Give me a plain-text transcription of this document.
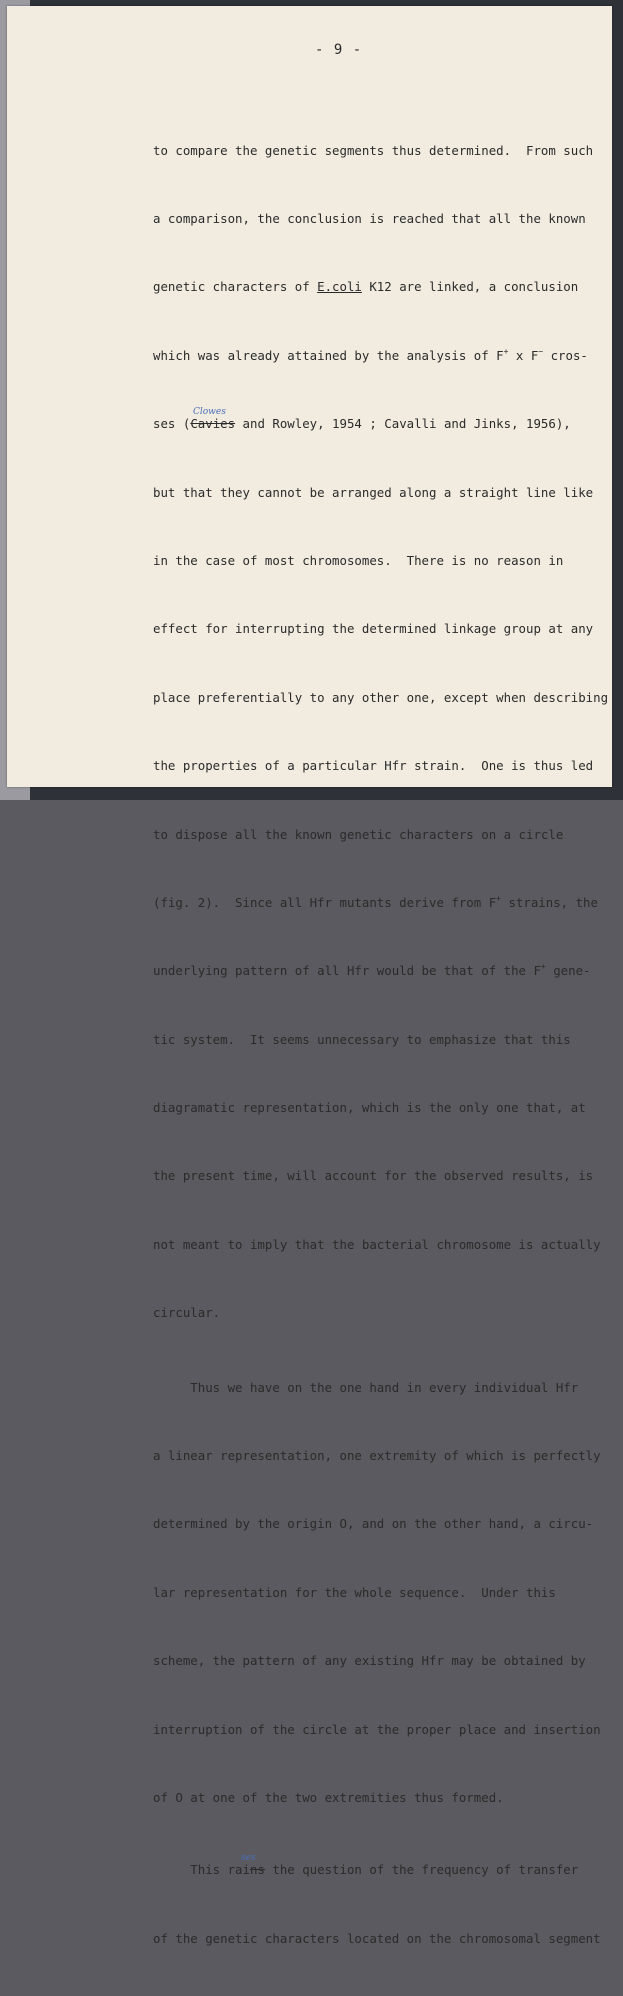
- 9 -

to compare the genetic segments thus determined.  From such

a comparison, the conclusion is reached that all the known

genetic characters of E.coli K12 are linked, a conclusion

which was already attained by the analysis of F+ x F− cros-

ses (Cavies and Rowley, 1954 ; Cavalli and Jinks, 1956),
Clowes

but that they cannot be arranged along a straight line like

in the case of most chromosomes.  There is no reason in

effect for interrupting the determined linkage group at any

place preferentially to any other one, except when describing

the properties of a particular Hfr strain.  One is thus led

to dispose all the known genetic characters on a circle

(fig. 2).  Since all Hfr mutants derive from F+ strains, the

underlying pattern of all Hfr would be that of the F+ gene-

tic system.  It seems unnecessary to emphasize that this

diagramatic representation, which is the only one that, at

the present time, will account for the observed results, is

not meant to imply that the bacterial chromosome is actually

circular.

Thus we have on the one hand in every individual Hfr

a linear representation, one extremity of which is perfectly

determined by the origin O, and on the other hand, a circu-

lar representation for the whole sequence.  Under this

scheme, the pattern of any existing Hfr may be obtained by

interruption of the circle at the proper place and insertion

of O at one of the two extremities thus formed.

This rains the question of the frequency of transfer
ses

of the genetic characters located on the chromosomal segment
